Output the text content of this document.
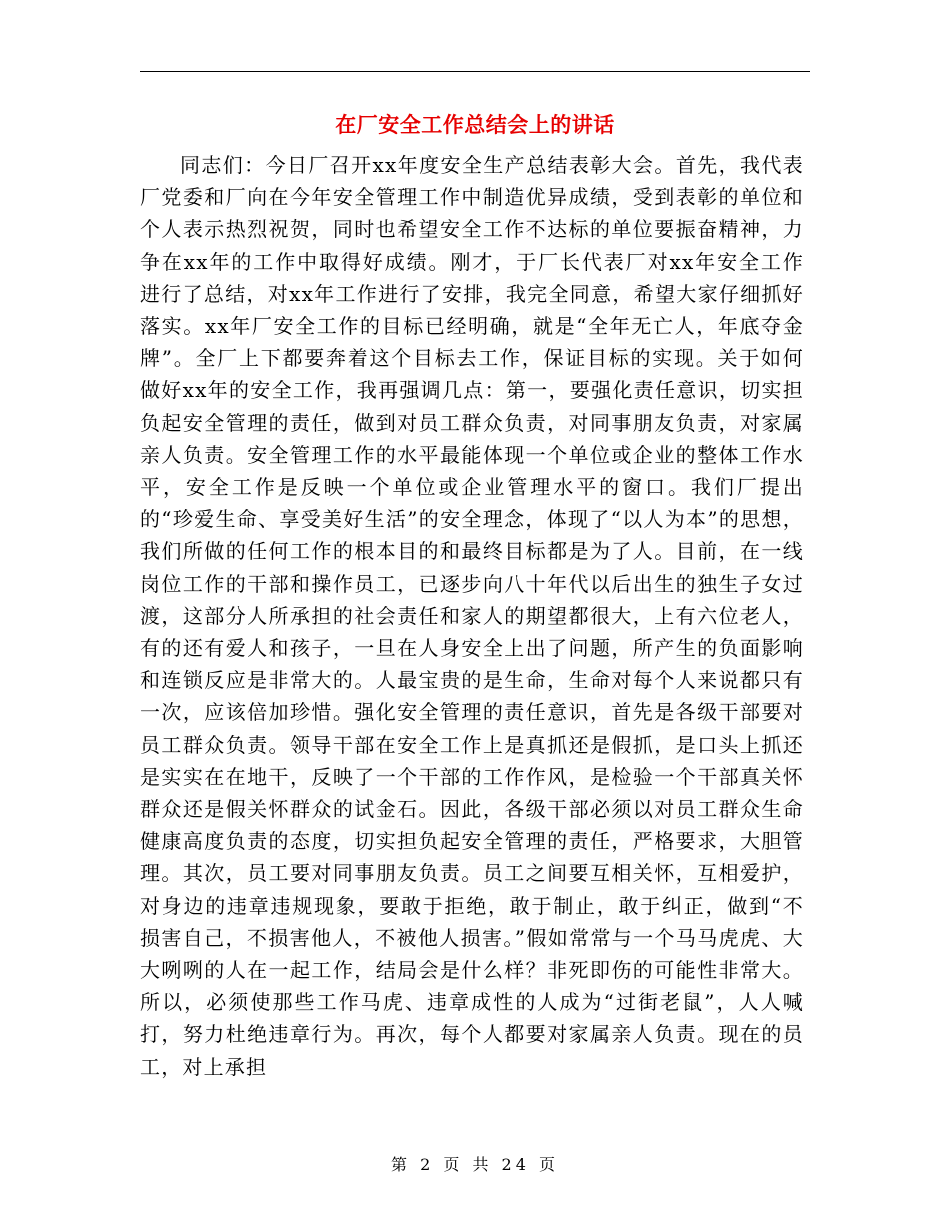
在厂安全工作总结会上的讲话

同志们：今日厂召开xx年度安全生产总结表彰大会。首先，我代表厂党委和厂向在今年安全管理工作中制造优异成绩，受到表彰的单位和个人表示热烈祝贺，同时也希望安全工作不达标的单位要振奋精神，力争在xx年的工作中取得好成绩。刚才，于厂长代表厂对xx年安全工作进行了总结，对xx年工作进行了安排，我完全同意，希望大家仔细抓好落实。xx年厂安全工作的目标已经明确，就是“全年无亡人，年底夺金牌”。全厂上下都要奔着这个目标去工作，保证目标的实现。关于如何做好xx年的安全工作，我再强调几点：第一，要强化责任意识，切实担负起安全管理的责任，做到对员工群众负责，对同事朋友负责，对家属亲人负责。安全管理工作的水平最能体现一个单位或企业的整体工作水平，安全工作是反映一个单位或企业管理水平的窗口。我们厂提出的“珍爱生命、享受美好生活”的安全理念，体现了“以人为本”的思想，我们所做的任何工作的根本目的和最终目标都是为了人。目前，在一线岗位工作的干部和操作员工，已逐步向八十年代以后出生的独生子女过渡，这部分人所承担的社会责任和家人的期望都很大，上有六位老人，有的还有爱人和孩子，一旦在人身安全上出了问题，所产生的负面影响和连锁反应是非常大的。人最宝贵的是生命，生命对每个人来说都只有一次，应该倍加珍惜。强化安全管理的责任意识，首先是各级干部要对员工群众负责。领导干部在安全工作上是真抓还是假抓，是口头上抓还是实实在在地干，反映了一个干部的工作作风，是检验一个干部真关怀群众还是假关怀群众的试金石。因此，各级干部必须以对员工群众生命健康高度负责的态度，切实担负起安全管理的责任，严格要求，大胆管理。其次，员工要对同事朋友负责。员工之间要互相关怀，互相爱护，对身边的违章违规现象，要敢于拒绝，敢于制止，敢于纠正，做到“不损害自己，不损害他人，不被他人损害。”假如常常与一个马马虎虎、大大咧咧的人在一起工作，结局会是什么样？非死即伤的可能性非常大。所以，必须使那些工作马虎、违章成性的人成为“过街老鼠”，人人喊打，努力杜绝违章行为。再次，每个人都要对家属亲人负责。现在的员工，对上承担

第 2 页 共 24 页
